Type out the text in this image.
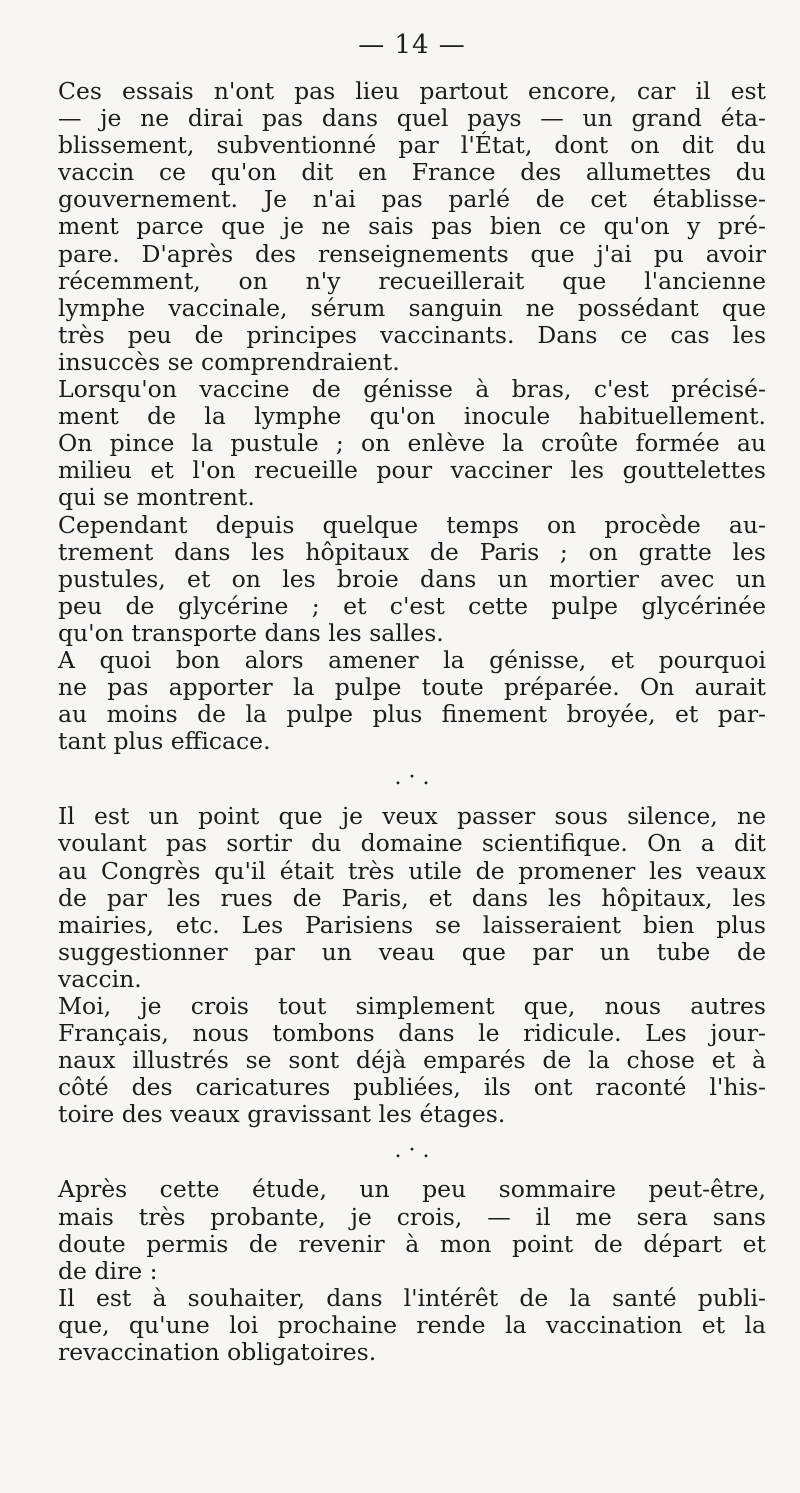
— 14 —
Ces essais n'ont pas lieu partout encore, car il est
— je ne dirai pas dans quel pays — un grand éta-
blissement, subventionné par l'État, dont on dit du
vaccin ce qu'on dit en France des allumettes du
gouvernement. Je n'ai pas parlé de cet établisse-
ment parce que je ne sais pas bien ce qu'on y pré-
pare. D'après des renseignements que j'ai pu avoir
récemment, on n'y recueillerait que l'ancienne
lymphe vaccinale, sérum sanguin ne possédant que
très peu de principes vaccinants. Dans ce cas les
insuccès se comprendraient.
Lorsqu'on vaccine de génisse à bras, c'est précisé-
ment de la lymphe qu'on inocule habituellement.
On pince la pustule ; on enlève la croûte formée au
milieu et l'on recueille pour vacciner les gouttelettes
qui se montrent.
Cependant depuis quelque temps on procède au-
trement dans les hôpitaux de Paris ; on gratte les
pustules, et on les broie dans un mortier avec un
peu de glycérine ; et c'est cette pulpe glycérinée
qu'on transporte dans les salles.
A quoi bon alors amener la génisse, et pourquoi
ne pas apporter la pulpe toute préparée. On aurait
au moins de la pulpe plus finement broyée, et par-
tant plus efficace.
. · .
Il est un point que je veux passer sous silence, ne
voulant pas sortir du domaine scientifique. On a dit
au Congrès qu'il était très utile de promener les veaux
de par les rues de Paris, et dans les hôpitaux, les
mairies, etc. Les Parisiens se laisseraient bien plus
suggestionner par un veau que par un tube de
vaccin.
Moi, je crois tout simplement que, nous autres
Français, nous tombons dans le ridicule. Les jour-
naux illustrés se sont déjà emparés de la chose et à
côté des caricatures publiées, ils ont raconté l'his-
toire des veaux gravissant les étages.
. · .
Après cette étude, un peu sommaire peut-être,
mais très probante, je crois, — il me sera sans
doute permis de revenir à mon point de départ et
de dire :
Il est à souhaiter, dans l'intérêt de la santé publi-
que, qu'une loi prochaine rende la vaccination et la
revaccination obligatoires.
